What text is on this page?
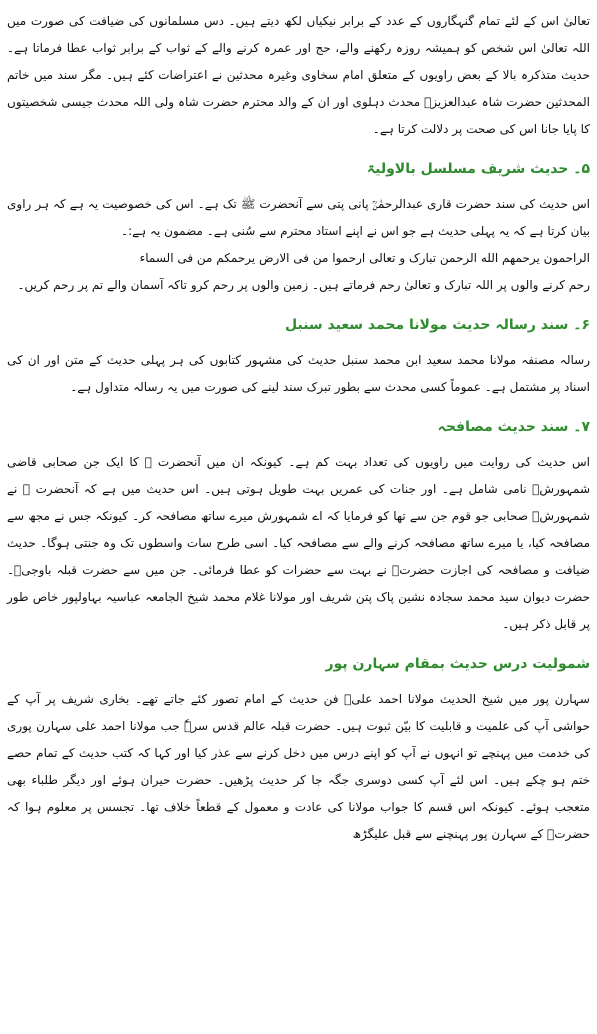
تعالیٰ اس کے لئے تمام گنہگاروں کے عدد کے برابر نیکیاں لکھ دیتے ہیں۔ دس مسلمانوں کی ضیافت کی صورت میں اللہ تعالیٰ اس شخص کو ہمیشہ روزہ رکھنے والے، حج اور عمرہ کرنے والے کے ثواب کے برابر ثواب عطا فرماتا ہے۔ حدیث متذکرہ بالا کے بعض راویوں کے متعلق امام سخاوی وغیرہ محدثین نے اعتراضات کئے ہیں۔ مگر سند میں خاتم المحدثین حضرت شاہ عبدالعزیزؒ محدث دہلوی اور ان کے والد محترم حضرت شاہ ولی اللہ محدث جیسی شخصیتوں کا پایا جانا اس کی صحت پر دلالت کرتا ہے۔

۵۔ حدیث شریف مسلسل بالاولیۃ

اس حدیث کی سند حضرت قاری عبدالرحمٰنؒ پانی پتی سے آنحضرت ﷺ تک ہے۔ اس کی خصوصیت یہ ہے کہ ہر راوی بیان کرتا ہے کہ یہ پہلی حدیث ہے جو اس نے اپنے استاد محترم سے سُنی ہے۔ مضمون یہ ہے:۔

الراحمون یرحمهم الله الرحمن تبارک و تعالی ارحموا من فی الارض یرحمکم من فی السماء

رحم کرنے والوں پر اللہ تبارک و تعالیٰ رحم فرماتے ہیں۔ زمین والوں پر رحم کرو تاکہ آسمان والے تم پر رحم کریں۔

۶۔ سند رسالہ حدیث مولانا محمد سعید سنبل

رسالہ مصنفہ مولانا محمد سعید ابن محمد سنبل حدیث کی مشہور کتابوں کی ہر پہلی حدیث کے متن اور ان کی اسناد پر مشتمل ہے۔ عموماً کسی محدث سے بطور تبرک سند لینے کی صورت میں یہ رسالہ متداول ہے۔

۷۔ سند حدیث مصافحہ

اس حدیث کی روایت میں راویوں کی تعداد بہت کم ہے۔ کیونکہ ان میں آنحضرت ﷺ کا ایک جن صحابی قاضی شمہورشؓ نامی شامل ہے۔ اور جنات کی عمریں بہت طویل ہوتی ہیں۔ اس حدیث میں ہے کہ آنحضرت ﷺ نے شمہورشؓ صحابی جو قوم جن سے تھا کو فرمایا کہ اے شمہورش میرے ساتھ مصافحہ کر۔ کیونکہ جس نے مجھ سے مصافحہ کیا، یا میرے ساتھ مصافحہ کرنے والے سے مصافحہ کیا۔ اسی طرح سات واسطوں تک وہ جنتی ہوگا۔ حدیث ضیافت و مصافحہ کی اجازت حضرتؒ نے بہت سے حضرات کو عطا فرمائی۔ جن میں سے حضرت قبلہ باوجیؒ۔ حضرت دیوان سید محمد سجادہ نشین پاک پتن شریف اور مولانا غلام محمد شیخ الجامعہ عباسیہ بہاولپور خاص طور پر قابل ذکر ہیں۔

شمولیت درس حدیث بمقام سہارن پور

سہارن پور میں شیخ الحدیث مولانا احمد علیؒ فن حدیث کے امام تصور کئے جاتے تھے۔ بخاری شریف پر آپ کے حواشی آپ کی علمیت و قابلیت کا بیّن ثبوت ہیں۔ حضرت قبلہ عالم قدس سرہٗ جب مولانا احمد علی سہارن پوری کی خدمت میں پہنچے تو انہوں نے آپ کو اپنے درس میں دخل کرنے سے عذر کیا اور کہا کہ کتب حدیث کے تمام حصے ختم ہو چکے ہیں۔ اس لئے آپ کسی دوسری جگہ جا کر حدیث پڑھیں۔ حضرت حیران ہوئے اور دیگر طلباء بھی متعجب ہوئے۔ کیونکہ اس قسم کا جواب مولانا کی عادت و معمول کے قطعاً خلاف تھا۔ تجسس پر معلوم ہوا کہ حضرتؒ کے سہارن پور پہنچنے سے قبل علیگڑھ
